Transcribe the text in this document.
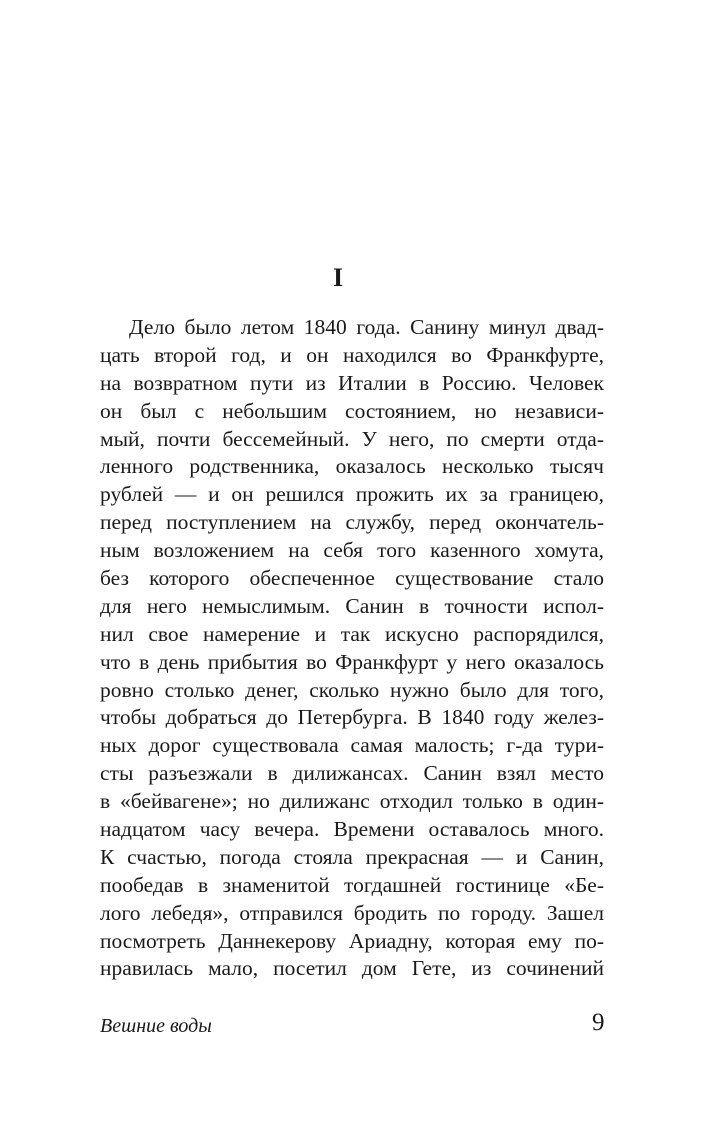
I
Дело было летом 1840 года. Санину минул двад-
цать второй год, и он находился во Франкфурте,
на возвратном пути из Италии в Россию. Человек
он был с небольшим состоянием, но независи-
мый, почти бессемейный. У него, по смерти отда-
ленного родственника, оказалось несколько тысяч
рублей — и он решился прожить их за границею,
перед поступлением на службу, перед окончатель-
ным возложением на себя того казенного хомута,
без которого обеспеченное существование стало
для него немыслимым. Санин в точности испол-
нил свое намерение и так искусно распорядился,
что в день прибытия во Франкфурт у него оказалось
ровно столько денег, сколько нужно было для того,
чтобы добраться до Петербурга. В 1840 году желез-
ных дорог существовала самая малость; г-да тури-
сты разъезжали в дилижансах. Санин взял место
в «бейвагене»; но дилижанс отходил только в один-
надцатом часу вечера. Времени оставалось много.
К счастью, погода стояла прекрасная — и Санин,
пообедав в знаменитой тогдашней гостинице «Бе-
лого лебедя», отправился бродить по городу. Зашел
посмотреть Даннекерову Ариадну, которая ему по-
нравилась мало, посетил дом Гете, из сочинений
Вешние воды	9
